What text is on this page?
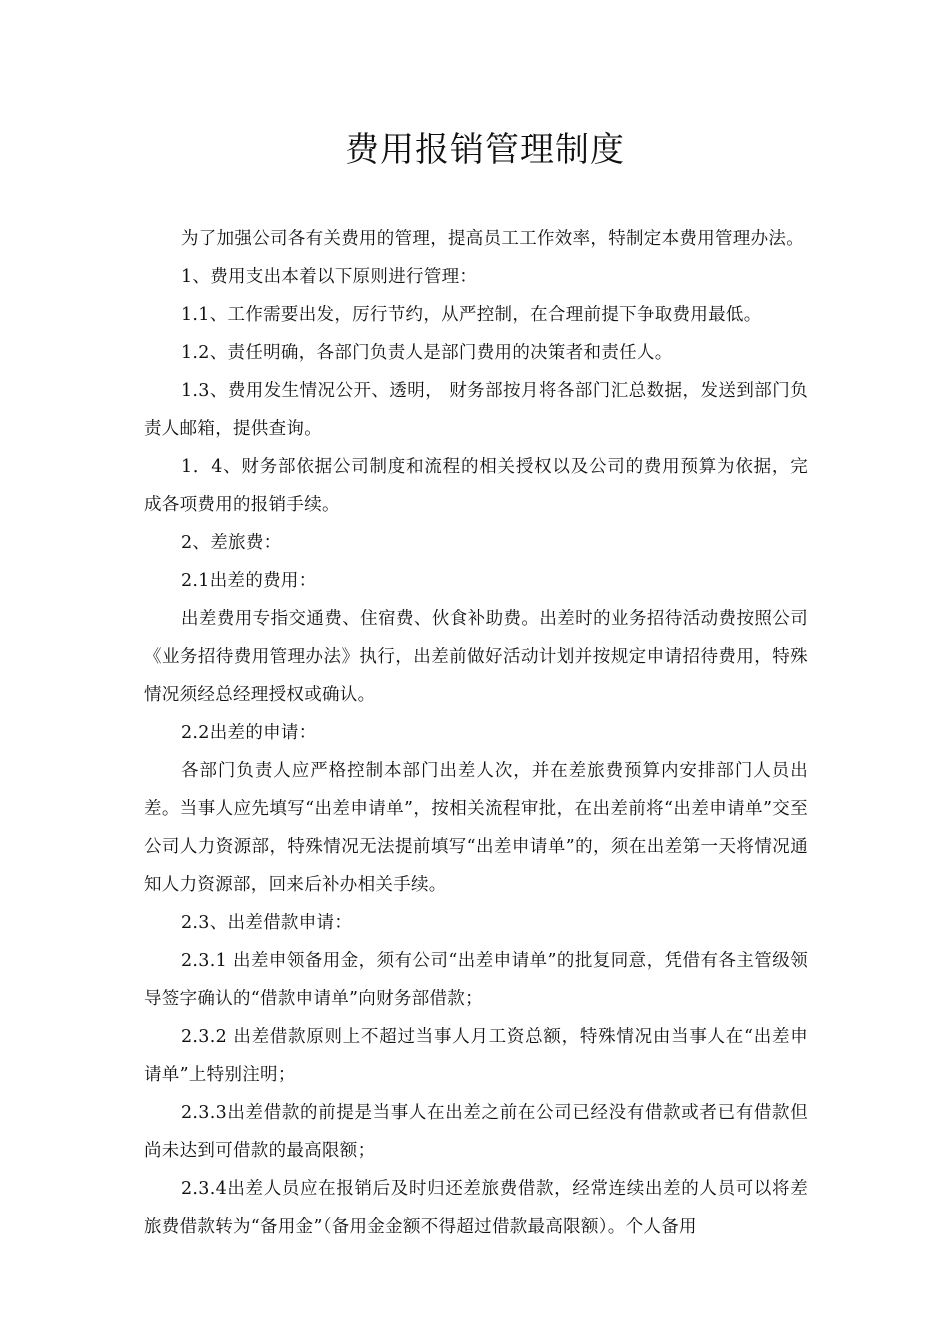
费用报销管理制度

为了加强公司各有关费用的管理，提高员工工作效率，特制定本费用管理办法。

1、费用支出本着以下原则进行管理：

1.1、工作需要出发，厉行节约，从严控制，在合理前提下争取费用最低。

1.2、责任明确，各部门负责人是部门费用的决策者和责任人。

1.3、费用发生情况公开、透明， 财务部按月将各部门汇总数据，发送到部门负责人邮箱，提供查询。

1．4、财务部依据公司制度和流程的相关授权以及公司的费用预算为依据，完成各项费用的报销手续。

2、差旅费：

2.1出差的费用：

出差费用专指交通费、住宿费、伙食补助费。出差时的业务招待活动费按照公司《业务招待费用管理办法》执行，出差前做好活动计划并按规定申请招待费用，特殊情况须经总经理授权或确认。

2.2出差的申请：

各部门负责人应严格控制本部门出差人次，并在差旅费预算内安排部门人员出差。当事人应先填写“出差申请单”，按相关流程审批，在出差前将“出差申请单”交至公司人力资源部，特殊情况无法提前填写“出差申请单”的，须在出差第一天将情况通知人力资源部，回来后补办相关手续。

2.3、出差借款申请：

2.3.1 出差申领备用金，须有公司“出差申请单”的批复同意，凭借有各主管级领导签字确认的“借款申请单”向财务部借款；

2.3.2 出差借款原则上不超过当事人月工资总额，特殊情况由当事人在“出差申请单”上特别注明；

2.3.3出差借款的前提是当事人在出差之前在公司已经没有借款或者已有借款但尚未达到可借款的最高限额；

2.3.4出差人员应在报销后及时归还差旅费借款，经常连续出差的人员可以将差旅费借款转为“备用金”（备用金金额不得超过借款最高限额）。个人备用
